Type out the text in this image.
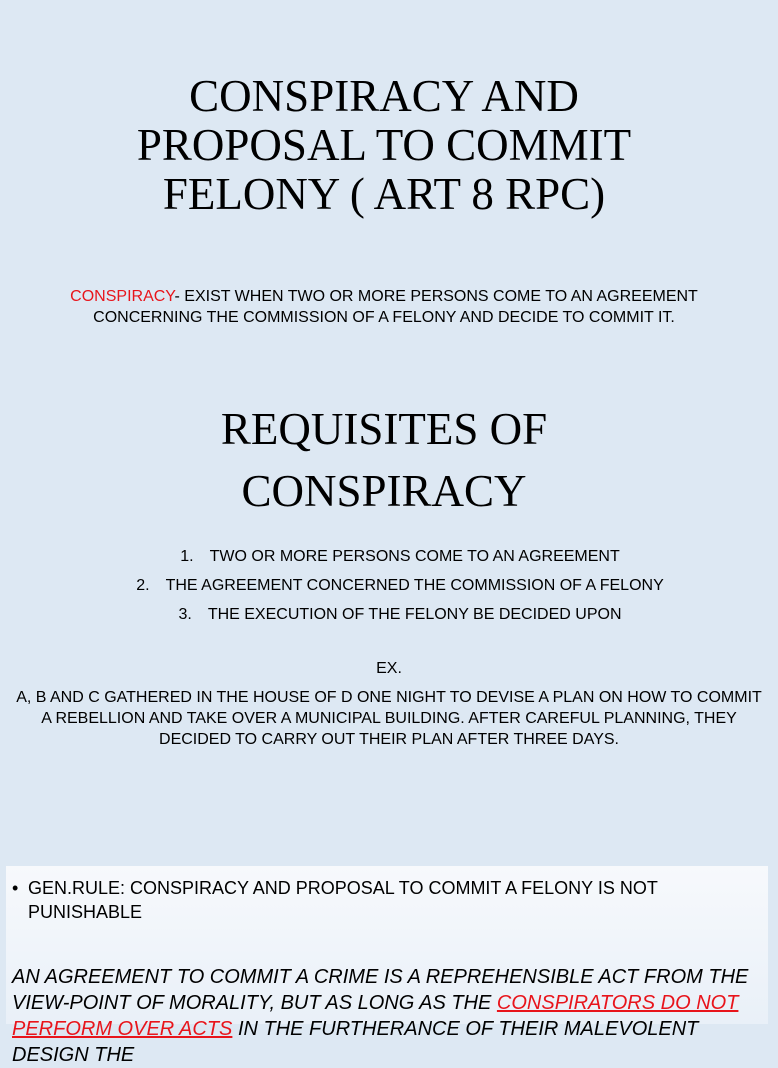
CONSPIRACY AND
PROPOSAL TO COMMIT
FELONY ( ART 8 RPC)
CONSPIRACY- EXIST WHEN TWO OR MORE PERSONS COME TO AN AGREEMENT CONCERNING THE COMMISSION OF A FELONY AND DECIDE TO COMMIT IT.
REQUISITES OF
CONSPIRACY
1. TWO OR MORE PERSONS COME TO AN AGREEMENT
2. THE AGREEMENT CONCERNED THE COMMISSION OF A FELONY
3. THE EXECUTION OF THE FELONY BE DECIDED UPON
EX.
A, B AND C GATHERED IN THE HOUSE OF D ONE NIGHT TO DEVISE A PLAN ON HOW TO COMMIT A REBELLION AND TAKE OVER A MUNICIPAL BUILDING. AFTER CAREFUL PLANNING, THEY DECIDED TO CARRY OUT THEIR PLAN AFTER THREE DAYS.
• GEN.RULE: CONSPIRACY AND PROPOSAL TO COMMIT A FELONY IS NOT PUNISHABLE
AN AGREEMENT TO COMMIT A CRIME IS A REPREHENSIBLE ACT FROM THE VIEW-POINT OF MORALITY, BUT AS LONG AS THE CONSPIRATORS DO NOT PERFORM OVER ACTS IN THE FURTHERANCE OF THEIR MALEVOLENT DESIGN THE
